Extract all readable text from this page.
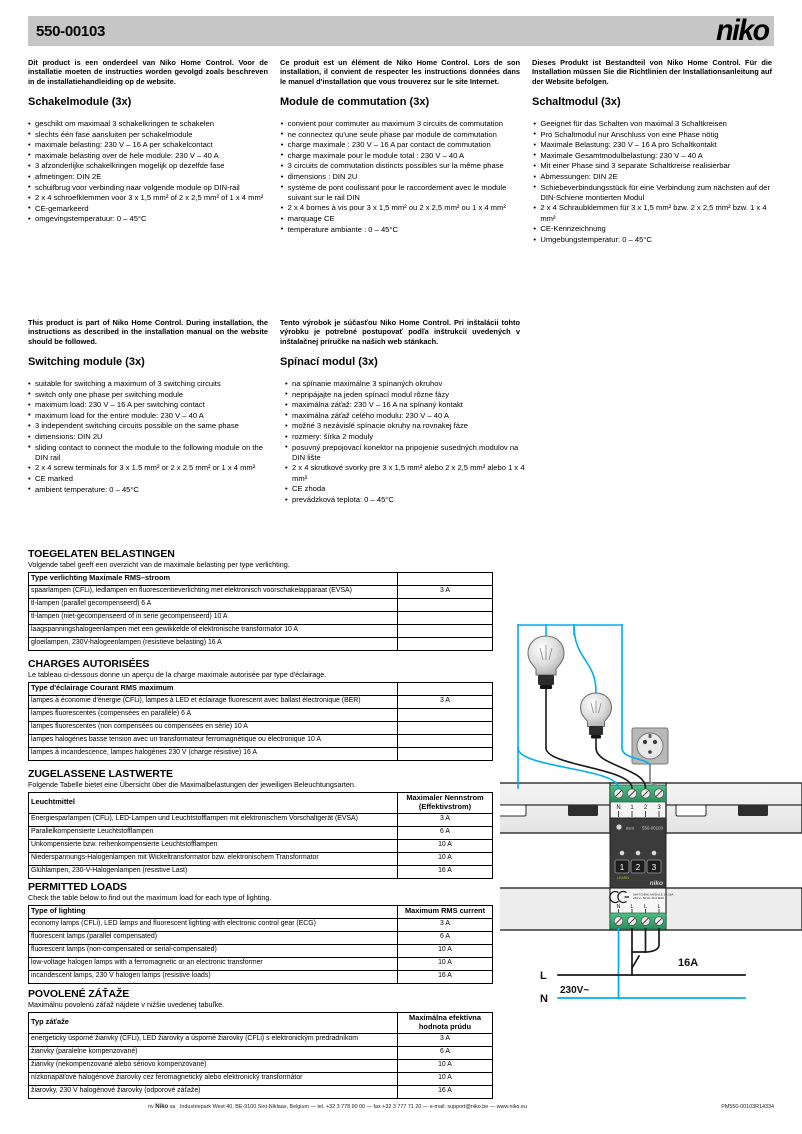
550-00103	niko
Dit product is een onderdeel van Niko Home Control. Voor de installatie moeten de instructies worden gevolgd zoals beschreven in de installatiehandleiding op de website.
Ce produit est un élément de Niko Home Control. Lors de son installation, il convient de respecter les instructions données dans le manuel d'installation que vous trouverez sur le site Internet.
Dieses Produkt ist Bestandteil von Niko Home Control. Für die Installation müssen Sie die Richtlinien der Installationsanleitung auf der Website befolgen.
Schakelmodule (3x)	Module de commutation (3x)	Schaltmodul (3x)
• geschikt om maximaal 3 schakelkringen te schakelen
• slechts één fase aansluiten per schakelmodule
• maximale belasting: 230 V – 16 A per schakelcontact
• maximale belasting over de hele module: 230 V – 40 A
• 3 afzonderlijke schakelkringen mogelijk op dezelfde fase
• afmetingen: DIN 2E
• schuifbrug voor verbinding naar volgende module op DIN-rail
• 2 x 4 schroefklemmen voor 3 x 1,5 mm² of 2 x 2,5 mm² of 1 x 4 mm²
• CE-gemarkeerd
• omgevingstemperatuur: 0 – 45°C
• convient pour commuter au maximum 3 circuits de commutation
• ne connectez qu'une seule phase par module de commutation
• charge maximale : 230 V – 16 A par contact de commutation
• charge maximale pour le module total : 230 V – 40 A
• 3 circuits de commutation distincts possibles sur la même phase
• dimensions : DIN 2U
• système de pont coulissant pour le raccordement avec le module suivant sur le rail DIN
• 2 x 4 bornes à vis pour 3 x 1,5 mm² ou 2 x 2,5 mm² ou 1 x 4 mm²
• marquage CE
• température ambiante : 0 – 45°C
• Geeignet für das Schalten von maximal 3 Schaltkreisen
• Pro Schaltmodul nur Anschluss von eine Phase nötig
• Maximale Belastung: 230 V – 16 A pro Schaltkontakt
• Maximale Gesamtmodulbelastung: 230 V – 40 A
• Mit einer Phase sind 3 separate Schaltkreise realisierbar
• Abmessungen: DIN 2E
• Schiebeverbindungsstück für eine Verbindung zum nächsten auf der DIN-Schiene montierten Modul
• 2 x 4 Schraubklemmen für 3 x 1,5 mm² bzw. 2 x 2,5 mm² bzw. 1 x 4 mm²
• CE-Kennzeichnung
• Umgebungstemperatur: 0 – 45°C
This product is part of Niko Home Control. During installation, the instructions as described in the installation manual on the website should be followed.
Tento výrobok je súčasťou Niko Home Control. Pri inštalácii tohto výrobku je potrebné postupovať podľa inštrukcií uvedených v inštalačnej príručke na našich web stánkach.
Switching module (3x)	Spínací modul (3x)
• suitable for switching a maximum of 3 switching circuits
• switch only one phase per switching module
• maximum load: 230 V – 16 A per switching contact
• maximum load for the entire module: 230 V – 40 A
• 3 independent switching circuits possible on the same phase
• dimensions: DIN 2U
• sliding contact to connect the module to the following module on the DIN rail
• 2 x 4 screw terminals for 3 x 1.5 mm² or 2 x 2.5 mm² or 1 x 4 mm²
• CE marked
• ambient temperature: 0 – 45°C
• na spínanie maximálne 3 spínaných okruhov
• nepripájajte na jeden spínací modul rôzne fázy
• maximálna záťaž: 230 V – 16 A na spínaný kontakt
• maximálna záťaž celého modulu: 230 V – 40 A
• možné 3 nezávislé spínacie okruhy na rovnakej fáze
• rozmery: šírka 2 moduly
• posuvný prepojovací konektor na pripojenie susedných modulov na DIN lište
• 2 x 4 skrutkové svorky pre 3 x 1,5 mm² alebo 2 x 2,5 mm² alebo 1 x 4 mm²
• CE zhoda
• prevádzková teplota: 0 – 45°C
TOEGELATEN BELASTINGEN
Volgende tabel geeft een overzicht van de maximale belasting per type verlichting.
Type verlichting Maximale RMS–stroom	
spaarlampen (CFLi), ledlampen en fluorescentieverlichting met elektronisch voorschakelapparaat (EVSA)	3 A
tl-lampen (parallel gecompenseerd) 6 A	
tl-lampen (niet-gecompenseerd of in serie gecompenseerd) 10 A	
laagspanningshalogeenlampen met een gewikkelde of elektronische transformator 10 A	
gloeilampen, 230V-halogeenlampen (resistieve belasting) 16 A	
CHARGES AUTORISÉES
Le tableau ci-dessous donne un aperçu de la charge maximale autorisée par type d'éclairage.
Type d'éclairage Courant RMS maximum	
lampes à économie d'énergie (CFLi), lampes à LED et éclairage fluorescent avec ballast électronique (BER)	3 A
lampes fluorescentes (compensées en parallèle) 6 A	
lampes fluorescentes (non compensées ou compensées en série) 10 A	
lampes halogènes basse tension avec un transformateur ferromagnétique ou électronique 10 A	
lampes à incandescence, lampes halogènes 230 V (charge résistive) 16 A	
ZUGELASSENE LASTWERTE
Folgende Tabelle bietet eine Übersicht über die Maximalbelastungen der jeweiligen Beleuchtungsarten.
Leuchtmittel	Maximaler Nennstrom
(Effektivstrom)

Energiesparlampen (CFLi), LED-Lampen und Leuchtstofflampen mit elektronischem Vorschaltgerät (EVSA)	3 A
Parallelkompensierte Leuchtstofflampen	6 A
Unkompensierte bzw. reihenkompensierte Leuchtstofflampen	10 A
Niederspannungs-Halogenlampen mit Wickeltransformator bzw. elektronischem Transformator	10 A
Glühlampen, 230-V-Halogenlampen (resistive Last)	16 A
PERMITTED LOADS
Check the table below to find out the maximum load for each type of lighting.
Type of lighting	Maximum RMS current
economy lamps (CFLi), LED lamps and fluorescent lighting with electronic control gear (ECG)	3 A
fluorescent lamps (parallel compensated)	6 A
fluorescent lamps (non-compensated or serial-compensated)	10 A
low-voltage halogen lamps with a ferromagnetic or an electronic transformer	10 A
incandescent lamps, 230 V halogen lamps (resistive loads)	16 A
POVOLENÉ ZÁŤAŽE
Maximálnu povolenú záťaž nájdete v nižšie uvedenej tabuľke.
Typ záťaže	Maximálna efektívna hodnota prúdu

energeticky úsporné žiarivky (CFLi), LED žiarovky a úsporné žiarovky (CFLi) s elektronickým predradníkom	3 A
žiarivky (paralelne kompenzované)	6 A
žiarivky (nekompenzované alebo sériovo kompenzované)	10 A
nízkonapäťové halogénové žiarovky cez feromagnetický alebo elektronický transformátor	10 A
žiarovky, 230 V halogénové žiarovky (odporové záťaže)	16 A
N 1 2 3
BUS 550-00103
1 2 3
LEARN
niko
SWITCHING MODULE 3 x 16A
230 V~ 50 Hz 40 A MAX.
N L L L
L
N
230V~
16A
nv Niko sa Industriepark West 40, BE-9100 Sint-Niklaas, Belgium — tel. +32 3 778 90 00 — fax +32 3 777 71 20 — e-mail: support@niko.be — www.niko.eu	PM550-00103R14334
